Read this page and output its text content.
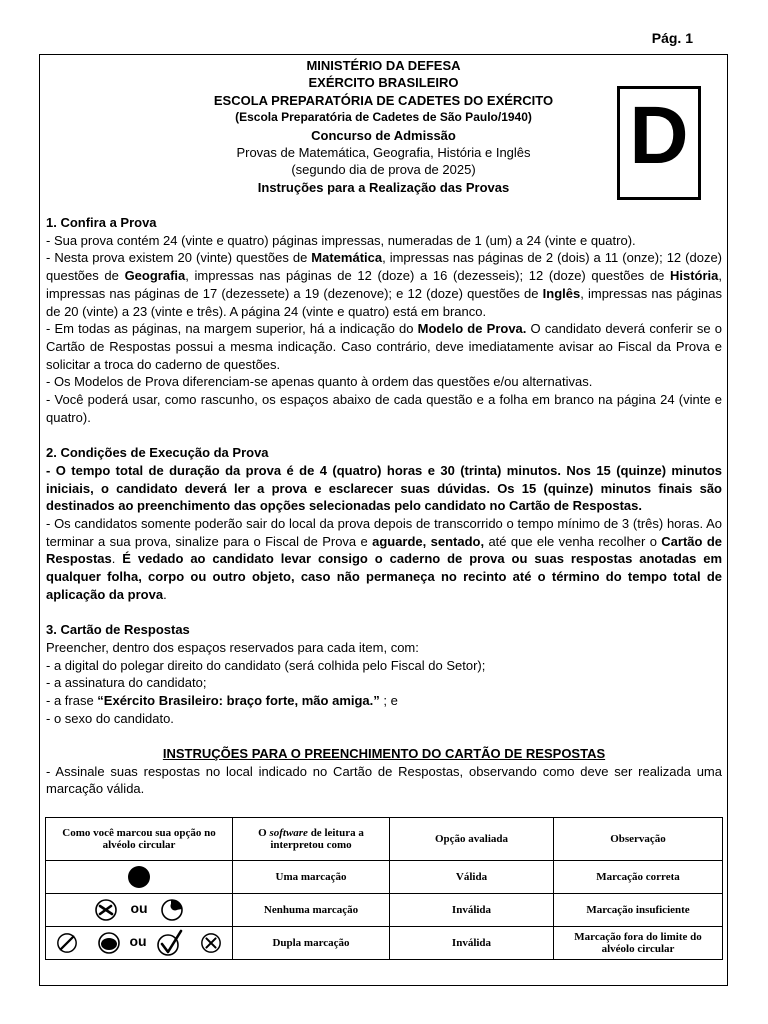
Pág. 1
MINISTÉRIO DA DEFESA
EXÉRCITO BRASILEIRO
ESCOLA PREPARATÓRIA DE CADETES DO EXÉRCITO
(Escola Preparatória de Cadetes de São Paulo/1940)
Concurso de Admissão
Provas de Matemática, Geografia, História e Inglês
(segundo dia de prova de 2025)
Instruções para a Realização das Provas
D
1. Confira a Prova

- Sua prova contém 24 (vinte e quatro) páginas impressas, numeradas de 1 (um) a 24 (vinte e quatro).

- Nesta prova existem 20 (vinte) questões de Matemática, impressas nas páginas de 2 (dois) a 11 (onze); 12 (doze) questões de Geografia, impressas nas páginas de 12 (doze) a 16 (dezesseis); 12 (doze) questões de História, impressas nas páginas de 17 (dezessete) a 19 (dezenove); e 12 (doze) questões de Inglês, impressas nas páginas de 20 (vinte) a 23 (vinte e três). A página 24 (vinte e quatro) está em branco.

- Em todas as páginas, na margem superior, há a indicação do Modelo de Prova. O candidato deverá conferir se o Cartão de Respostas possui a mesma indicação. Caso contrário, deve imediatamente avisar ao Fiscal da Prova e solicitar a troca do caderno de questões.

- Os Modelos de Prova diferenciam-se apenas quanto à ordem das questões e/ou alternativas.

- Você poderá usar, como rascunho, os espaços abaixo de cada questão e a folha em branco na página 24 (vinte e quatro).

2. Condições de Execução da Prova

- O tempo total de duração da prova é de 4 (quatro) horas e 30 (trinta) minutos. Nos 15 (quinze) minutos iniciais, o candidato deverá ler a prova e esclarecer suas dúvidas. Os 15 (quinze) minutos finais são destinados ao preenchimento das opções selecionadas pelo candidato no Cartão de Respostas.

- Os candidatos somente poderão sair do local da prova depois de transcorrido o tempo mínimo de 3 (três) horas. Ao terminar a sua prova, sinalize para o Fiscal de Prova e aguarde, sentado, até que ele venha recolher o Cartão de Respostas. É vedado ao candidato levar consigo o caderno de prova ou suas respostas anotadas em qualquer folha, corpo ou outro objeto, caso não permaneça no recinto até o término do tempo total de aplicação da prova.

3. Cartão de Respostas

Preencher, dentro dos espaços reservados para cada item, com:

- a digital do polegar direito do candidato (será colhida pelo Fiscal do Setor);

- a assinatura do candidato;

- a frase “Exército Brasileiro: braço forte, mão amiga.” ; e

- o sexo do candidato.

INSTRUÇÕES PARA O PREENCHIMENTO DO CARTÃO DE RESPOSTAS

- Assinale suas respostas no local indicado no Cartão de Respostas, observando como deve ser realizada uma marcação válida.

Como você marcou sua opção no alvéolo circular	O software de leitura a interpretou como	Opção avaliada	Observação
	Uma marcação	Válida	Marcação correta
ou	Nenhuma marcação	Inválida	Marcação insuficiente
ou	Dupla marcação	Inválida	Marcação fora do limite do alvéolo circular
